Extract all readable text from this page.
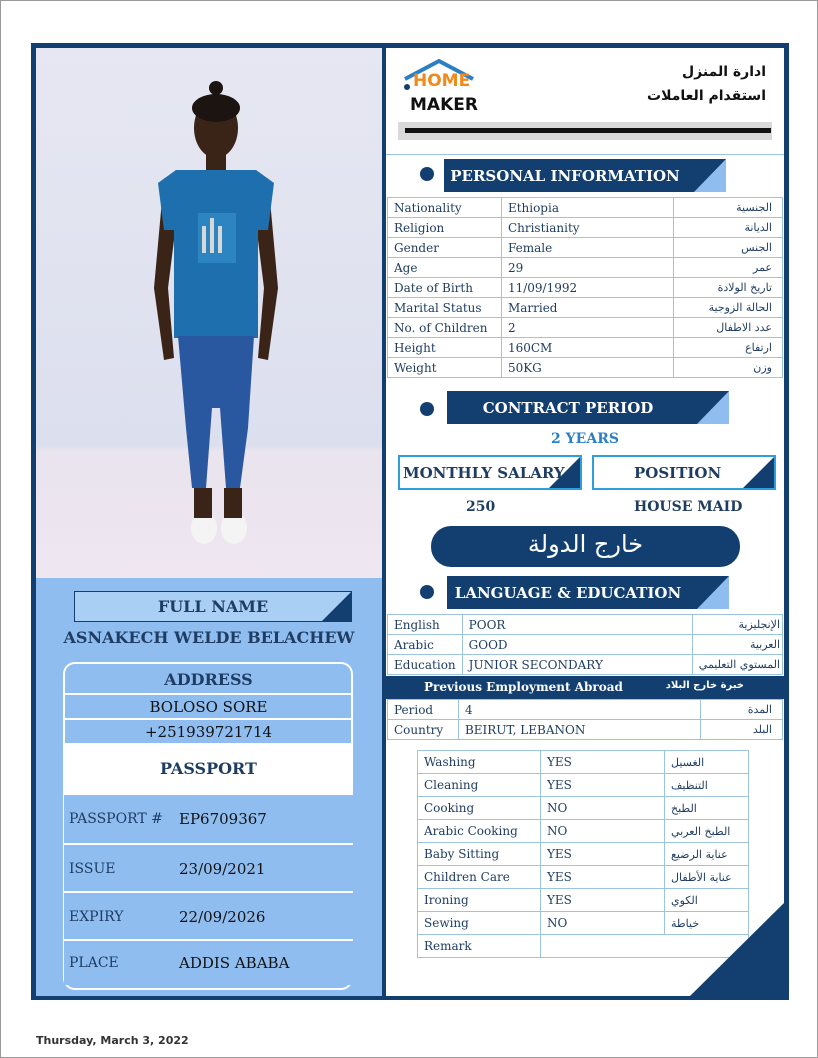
FULL NAME
ASNAKECH WELDE BELACHEW
ADDRESS
BOLOSO SORE
+251939721714
PASSPORT
PASSPORT #	EP6709367
ISSUE	23/09/2021
EXPIRY	22/09/2026
PLACE	ADDIS ABABA
HOME
MAKER
ادارة المنزل
استقدام العاملات
PERSONAL INFORMATION
Nationality	Ethiopia	الجنسية
Religion	Christianity	الديانة
Gender	Female	الجنس
Age	29	عمر
Date of Birth	11/09/1992	تاريخ الولادة
Marital Status	Married	الحالة الزوجية
No. of Children	2	عدد الاطفال
Height	160CM	ارتفاع
Weight	50KG	وزن
CONTRACT PERIOD
2 YEARS
MONTHLY SALARY	POSITION
250	HOUSE MAID
خارج الدولة
LANGUAGE & EDUCATION
English	POOR	الإنجليزية
Arabic	GOOD	العربية
Education	JUNIOR SECONDARY	المستوي التعليمي
Previous Employment Abroad	خبرة خارج البلاد
Period	4	المدة
Country	BEIRUT, LEBANON	البلد
Washing	YES	الغسيل
Cleaning	YES	التنظيف
Cooking	NO	الطبخ
Arabic Cooking	NO	الطبخ العربي
Baby Sitting	YES	عناية الرضيع
Children Care	YES	عناية الأطفال
Ironing	YES	الكوي
Sewing	NO	خياطة
Remark		
Thursday, March 3, 2022
